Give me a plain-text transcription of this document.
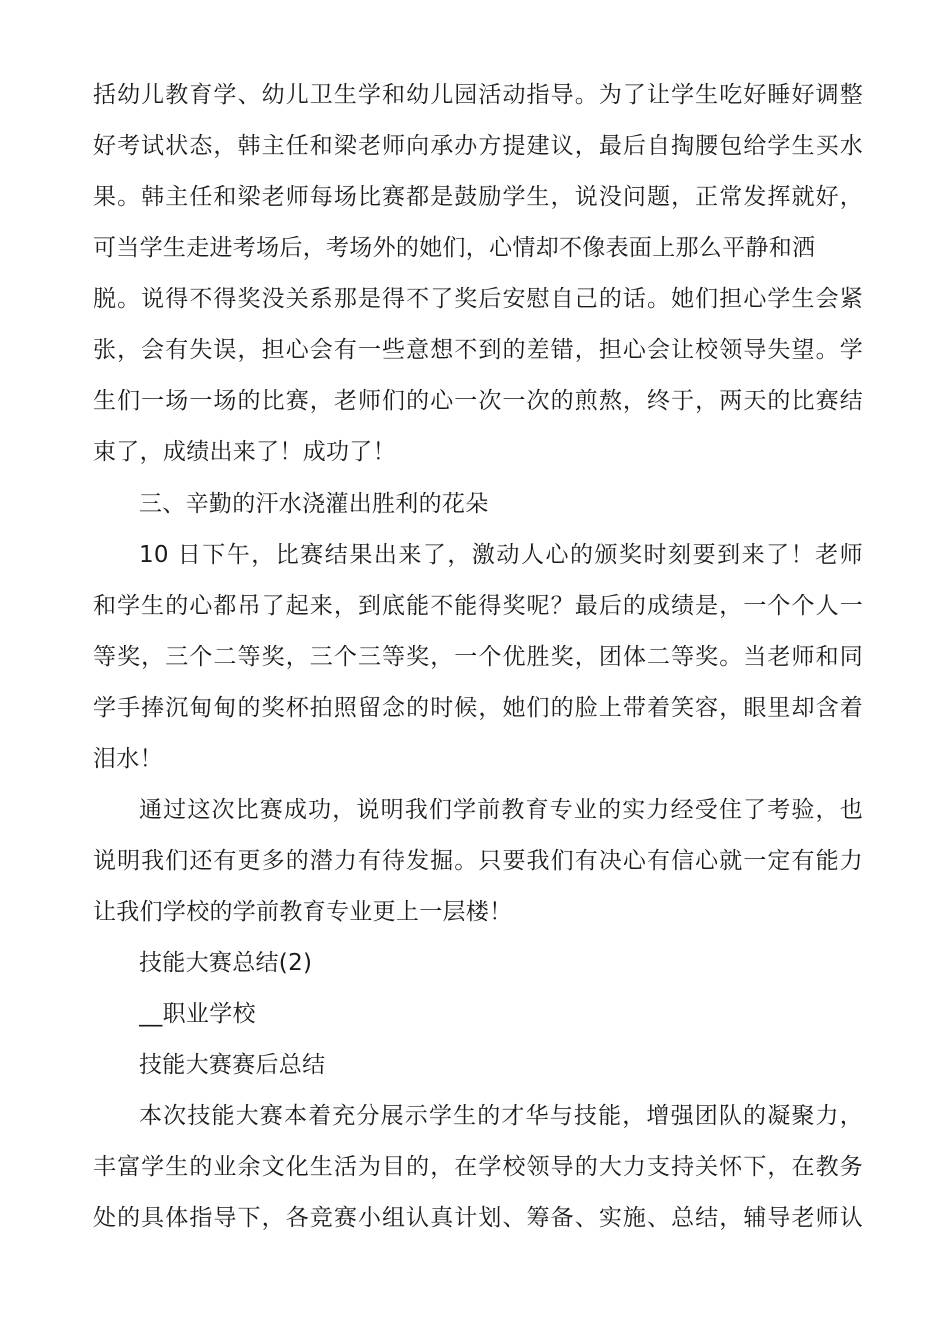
括幼儿教育学、幼儿卫生学和幼儿园活动指导。为了让学生吃好睡好调整
好考试状态，韩主任和梁老师向承办方提建议，最后自掏腰包给学生买水
果。韩主任和梁老师每场比赛都是鼓励学生，说没问题，正常发挥就好，
可当学生走进考场后，考场外的她们，心情却不像表面上那么平静和洒
脱。说得不得奖没关系那是得不了奖后安慰自己的话。她们担心学生会紧
张，会有失误，担心会有一些意想不到的差错，担心会让校领导失望。学
生们一场一场的比赛，老师们的心一次一次的煎熬，终于，两天的比赛结
束了，成绩出来了！成功了！
三、辛勤的汗水浇灌出胜利的花朵
10 日下午，比赛结果出来了，激动人心的颁奖时刻要到来了！老师
和学生的心都吊了起来，到底能不能得奖呢？最后的成绩是，一个个人一
等奖，三个二等奖，三个三等奖，一个优胜奖，团体二等奖。当老师和同
学手捧沉甸甸的奖杯拍照留念的时候，她们的脸上带着笑容，眼里却含着
泪水！
通过这次比赛成功，说明我们学前教育专业的实力经受住了考验，也
说明我们还有更多的潜力有待发掘。只要我们有决心有信心就一定有能力
让我们学校的学前教育专业更上一层楼！
技能大赛总结(2)
__职业学校
技能大赛赛后总结
本次技能大赛本着充分展示学生的才华与技能，增强团队的凝聚力，
丰富学生的业余文化生活为目的，在学校领导的大力支持关怀下，在教务
处的具体指导下，各竞赛小组认真计划、筹备、实施、总结，辅导老师认
